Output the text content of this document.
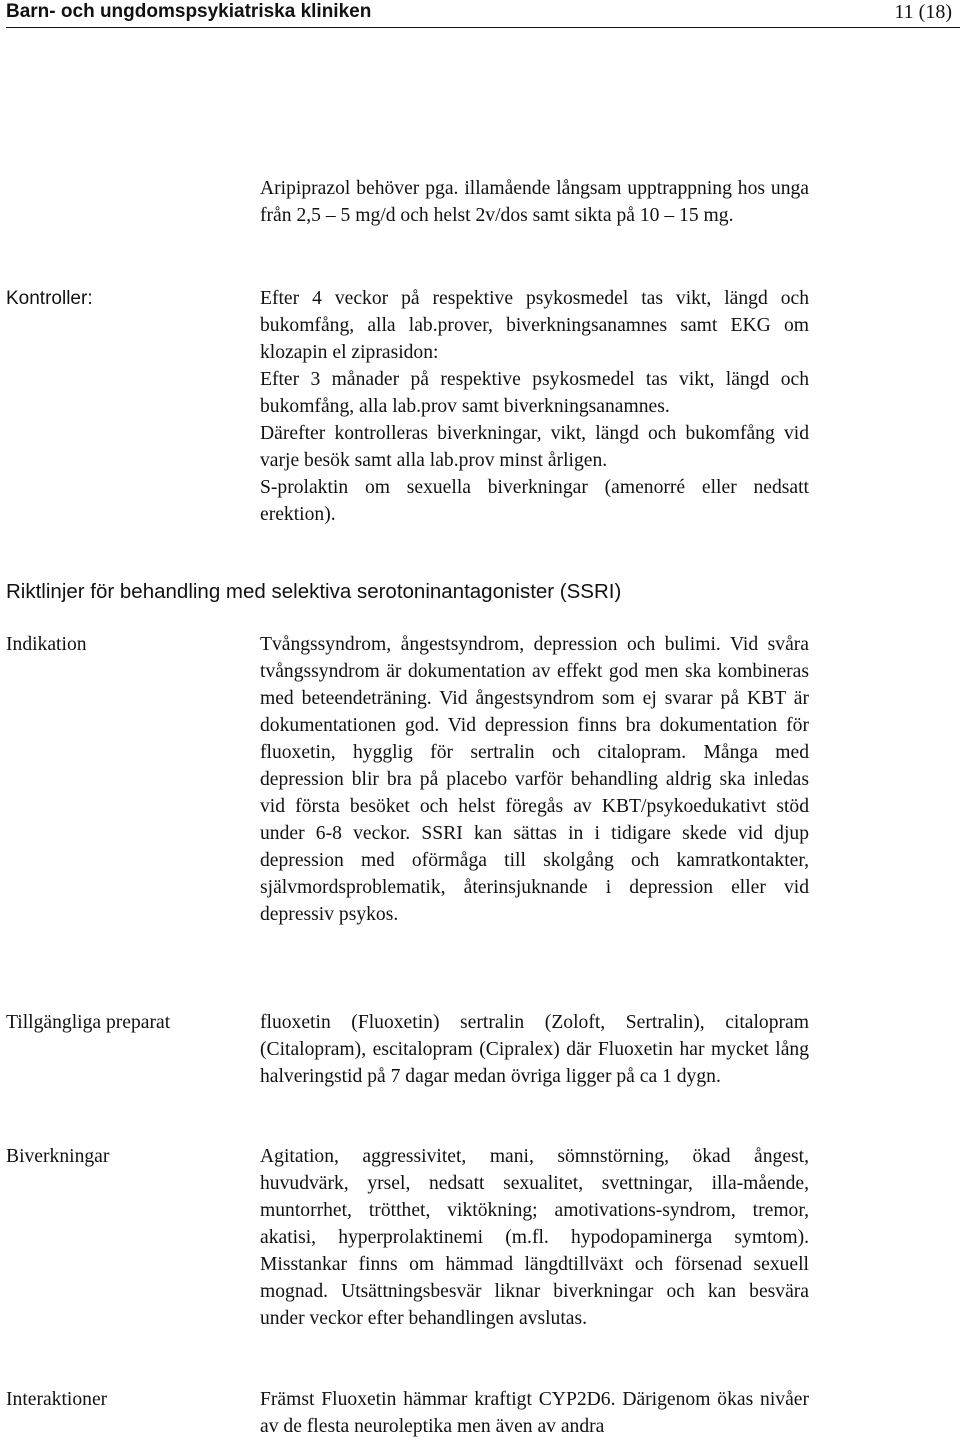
Barn- och ungdomspsykiatriska kliniken	11 (18)

Aripiprazol behöver pga. illamående långsam upptrappning hos unga från 2,5 – 5 mg/d och helst 2v/dos samt sikta på 10 – 15 mg.

Kontroller:	Efter 4 veckor på respektive psykosmedel tas vikt, längd och bukomfång, alla lab.prover, biverkningsanamnes samt EKG om klozapin el ziprasidon:

Efter 3 månader på respektive psykosmedel tas vikt, längd och bukomfång, alla lab.prov samt biverkningsanamnes.

Därefter kontrolleras biverkningar, vikt, längd och bukomfång vid varje besök samt alla lab.prov minst årligen.

S-prolaktin om sexuella biverkningar (amenorré eller nedsatt erektion).

Riktlinjer för behandling med selektiva serotoninantagonister (SSRI)
Indikation	Tvångssyndrom, ångestsyndrom, depression och bulimi. Vid svåra tvångssyndrom är dokumentation av effekt god men ska kombineras med beteendeträning. Vid ångestsyndrom som ej svarar på KBT är dokumentationen god. Vid depression finns bra dokumentation för fluoxetin, hygglig för sertralin och citalopram. Många med depression blir bra på placebo varför behandling aldrig ska inledas vid första besöket och helst föregås av KBT/psykoedukativt stöd under 6-8 veckor. SSRI kan sättas in i tidigare skede vid djup depression med oförmåga till skolgång och kamratkontakter, självmordsproblematik, återinsjuknande i depression eller vid depressiv psykos.

Tillgängliga preparat	fluoxetin (Fluoxetin) sertralin (Zoloft, Sertralin), citalopram (Citalopram), escitalopram (Cipralex) där Fluoxetin har mycket lång halveringstid på 7 dagar medan övriga ligger på ca 1 dygn.

Biverkningar	Agitation, aggressivitet, mani, sömnstörning, ökad ångest, huvudvärk, yrsel, nedsatt sexualitet, svettningar, illa-mående, muntorrhet, trötthet, viktökning; amotivations-syndrom, tremor, akatisi, hyperprolaktinemi (m.fl. hypodopaminerga symtom). Misstankar finns om hämmad längdtillväxt och försenad sexuell mognad. Utsättningsbesvär liknar biverkningar och kan besvära under veckor efter behandlingen avslutas.

Interaktioner	Främst Fluoxetin hämmar kraftigt CYP2D6. Därigenom ökas nivåer av de flesta neuroleptika men även av andra
